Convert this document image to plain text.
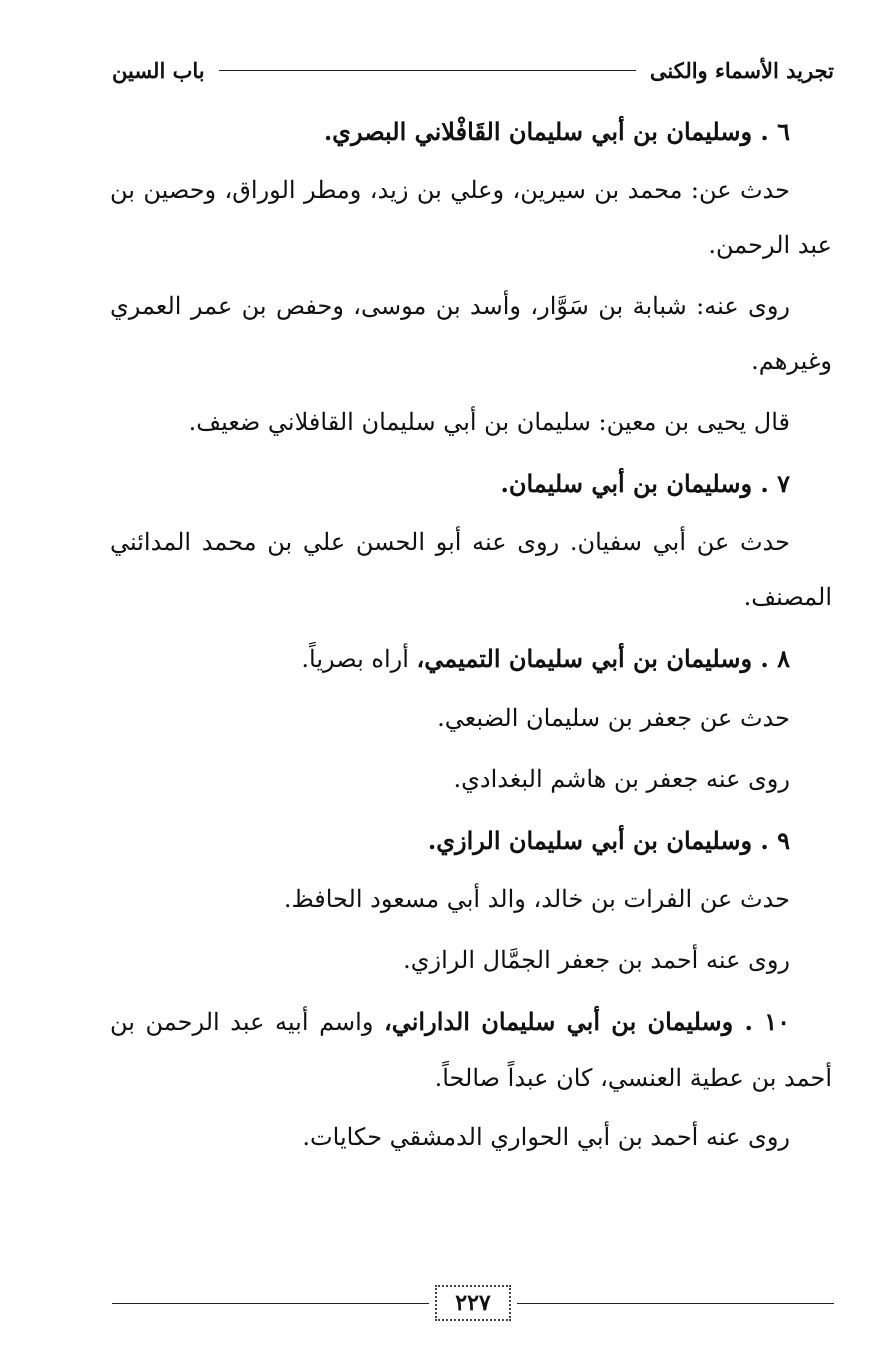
تجريد الأسماء والكنى
باب السين

٦ . وسليمان بن أبي سليمان القَافْلاني البصري.

حدث عن: محمد بن سيرين، وعلي بن زيد، ومطر الوراق، وحصين بن عبد الرحمن.

روى عنه: شبابة بن سَوَّار، وأسد بن موسى، وحفص بن عمر العمري وغيرهم.

قال يحيى بن معين: سليمان بن أبي سليمان القافلاني ضعيف.

٧ . وسليمان بن أبي سليمان.

حدث عن أبي سفيان. روى عنه أبو الحسن علي بن محمد المدائني المصنف.

٨ . وسليمان بن أبي سليمان التميمي، أراه بصرياً.

حدث عن جعفر بن سليمان الضبعي.

روى عنه جعفر بن هاشم البغدادي.

٩ . وسليمان بن أبي سليمان الرازي.

حدث عن الفرات بن خالد، والد أبي مسعود الحافظ.

روى عنه أحمد بن جعفر الجمَّال الرازي.

١٠ . وسليمان بن أبي سليمان الداراني، واسم أبيه عبد الرحمن بن أحمد بن عطية العنسي، كان عبداً صالحاً.

روى عنه أحمد بن أبي الحواري الدمشقي حكايات.

٢٢٧
